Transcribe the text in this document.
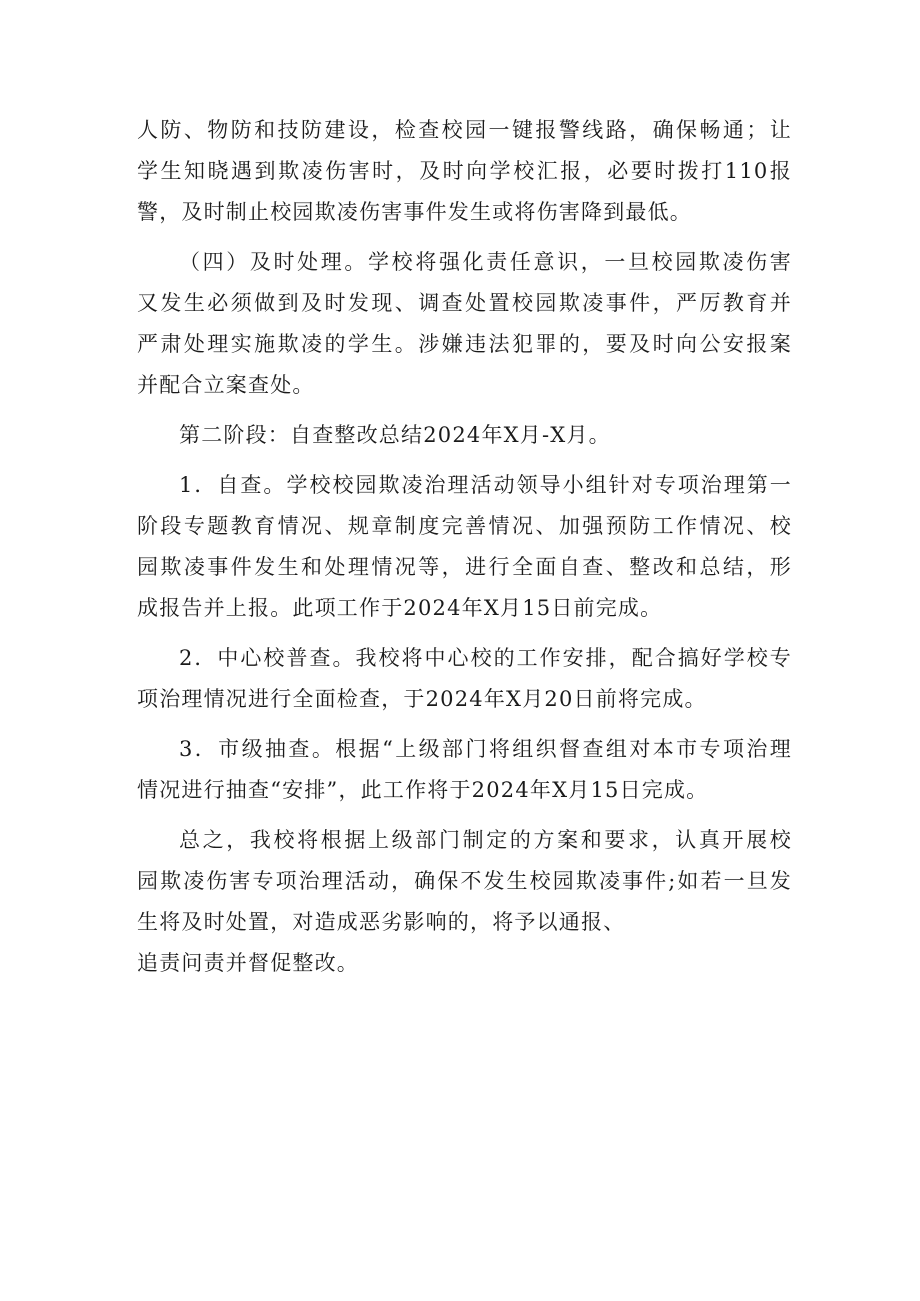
人防、物防和技防建设，检查校园一键报警线路，确保畅通；让
学生知晓遇到欺凌伤害时，及时向学校汇报，必要时拨打110报
警，及时制止校园欺凌伤害事件发生或将伤害降到最低。
（四）及时处理。学校将强化责任意识，一旦校园欺凌伤害
又发生必须做到及时发现、调查处置校园欺凌事件，严厉教育并
严肃处理实施欺凌的学生。涉嫌违法犯罪的，要及时向公安报案
并配合立案查处。
第二阶段：自查整改总结2024年X月-X月。
1．自查。学校校园欺凌治理活动领导小组针对专项治理第一
阶段专题教育情况、规章制度完善情况、加强预防工作情况、校
园欺凌事件发生和处理情况等，进行全面自查、整改和总结，形
成报告并上报。此项工作于2024年X月15日前完成。
2．中心校普查。我校将中心校的工作安排，配合搞好学校专
项治理情况进行全面检查，于2024年X月20日前将完成。
3．市级抽查。根据“上级部门将组织督查组对本市专项治理
情况进行抽查“安排”，此工作将于2024年X月15日完成。
总之，我校将根据上级部门制定的方案和要求，认真开展校
园欺凌伤害专项治理活动，确保不发生校园欺凌事件;如若一旦发
生将及时处置，对造成恶劣影响的，将予以通报、
追责问责并督促整改。
